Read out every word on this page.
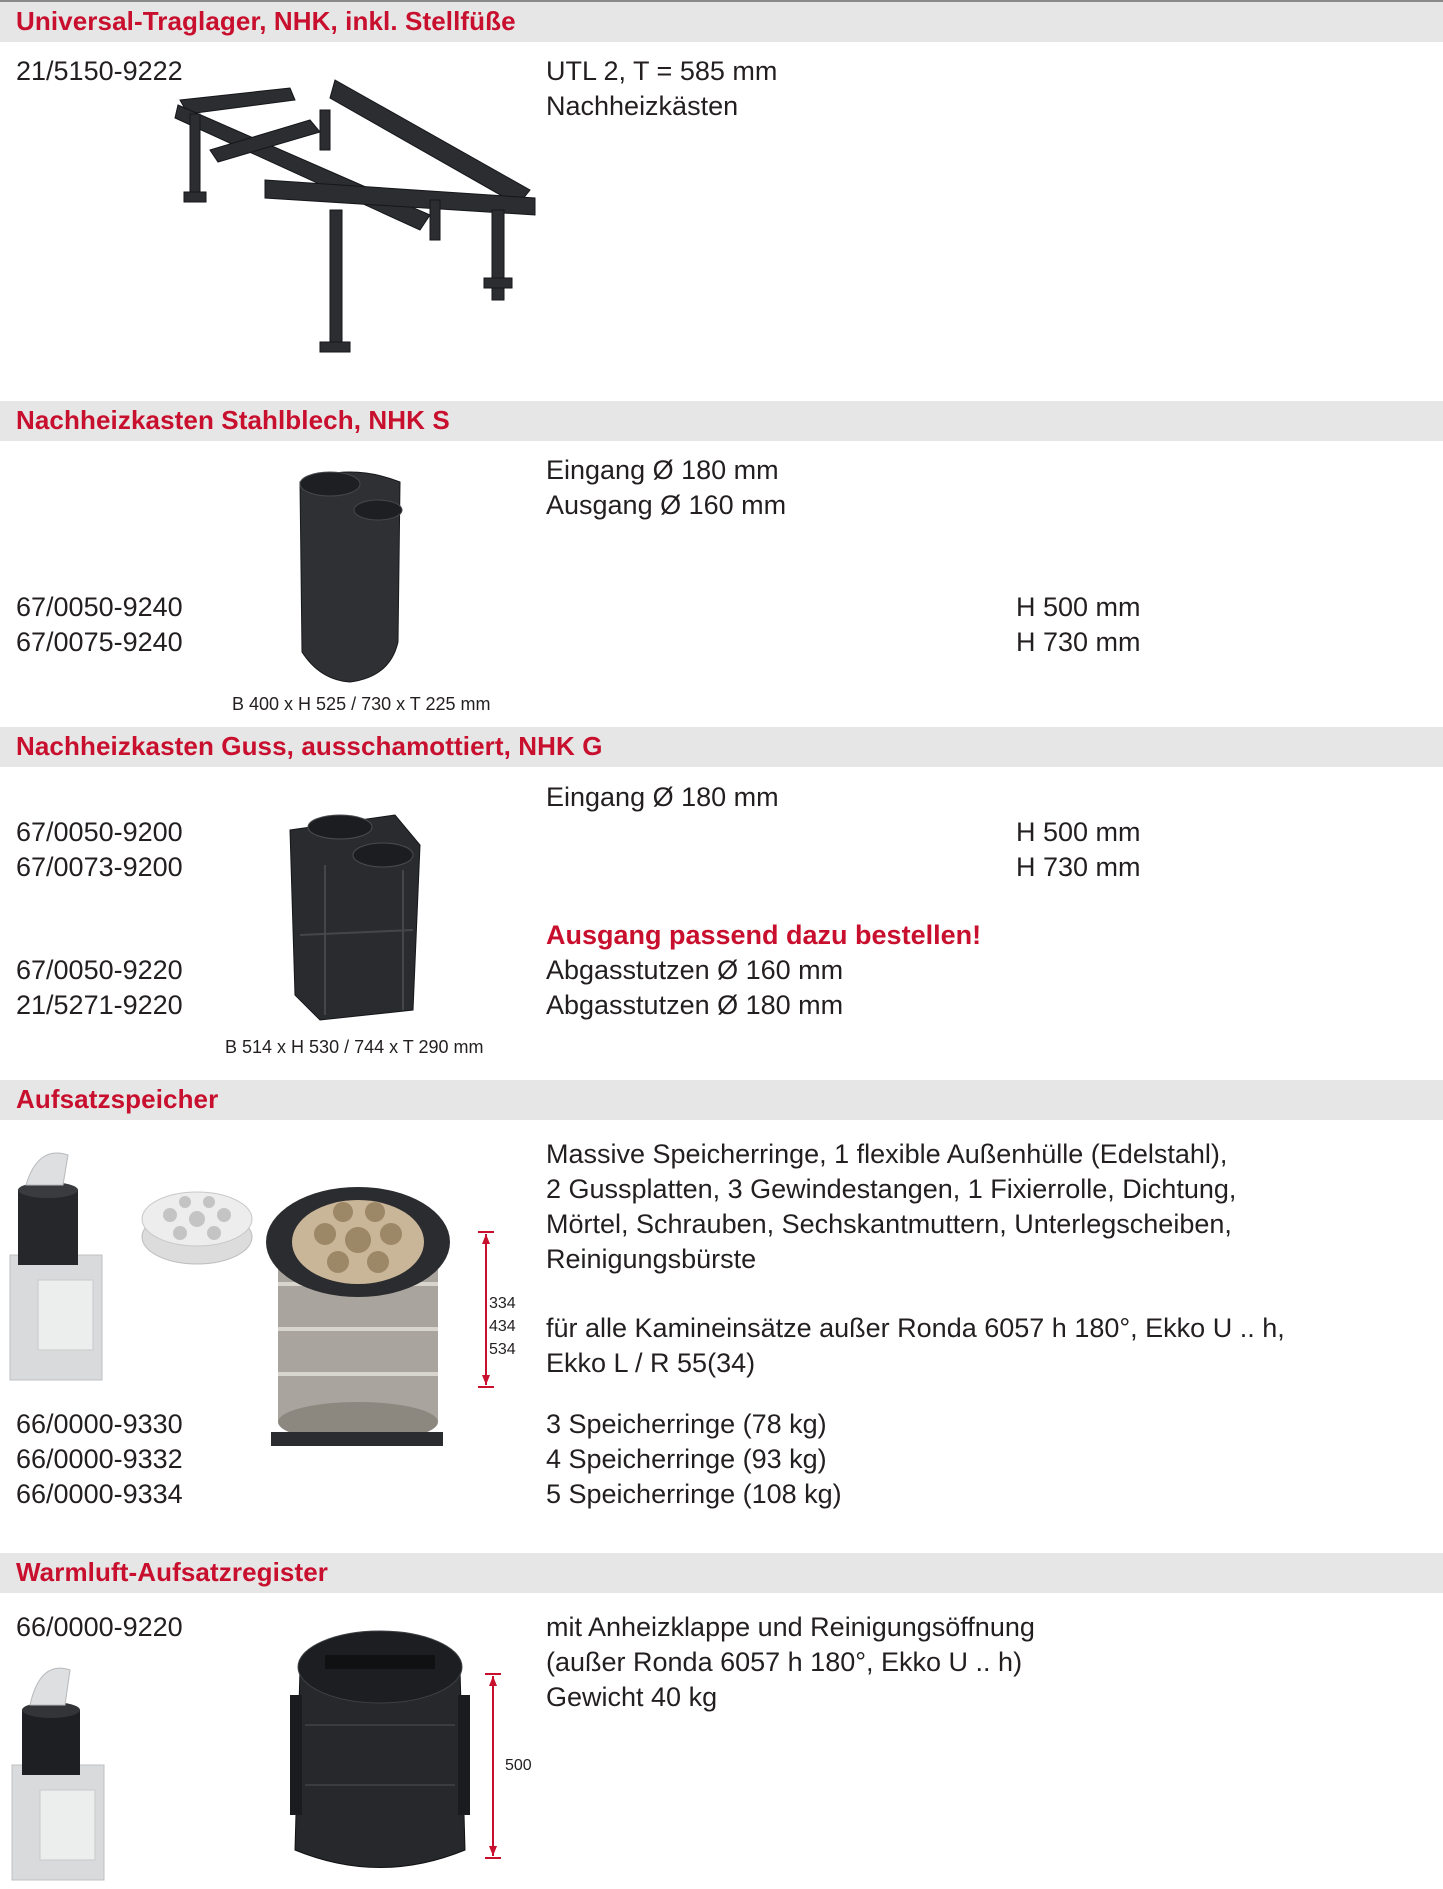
Universal-Traglager, NHK, inkl. Stellfüße
21/5150-9222	UTL 2, T = 585 mm
Nachheizkästen
Nachheizkasten Stahlblech, NHK S
Eingang Ø 180 mm
Ausgang Ø 160 mm
67/0050-9240
67/0075-9240
H 500 mm
H 730 mm
B 400 x H 525 / 730 x T 225 mm
Nachheizkasten Guss, ausschamottiert, NHK G
Eingang Ø 180 mm
67/0050-9200
67/0073-9200
H 500 mm
H 730 mm
Ausgang passend dazu bestellen!
67/0050-9220
21/5271-9220
Abgasstutzen Ø 160 mm
Abgasstutzen Ø 180 mm
B 514 x H 530 / 744 x T 290 mm
Aufsatzspeicher
Massive Speicherringe, 1 flexible Außenhülle (Edelstahl),
2 Gussplatten, 3 Gewindestangen, 1 Fixierrolle, Dichtung,
Mörtel, Schrauben, Sechskantmuttern, Unterlegscheiben,
Reinigungsbürste
für alle Kamineinsätze außer Ronda 6057 h 180°, Ekko U .. h,
Ekko L / R 55(34)
334
434
534
66/0000-9330
66/0000-9332
66/0000-9334
3 Speicherringe (78 kg)
4 Speicherringe (93 kg)
5 Speicherringe (108 kg)
Warmluft-Aufsatzregister
66/0000-9220	mit Anheizklappe und Reinigungsöffnung
(außer Ronda 6057 h 180°, Ekko U .. h)
Gewicht 40 kg
500
